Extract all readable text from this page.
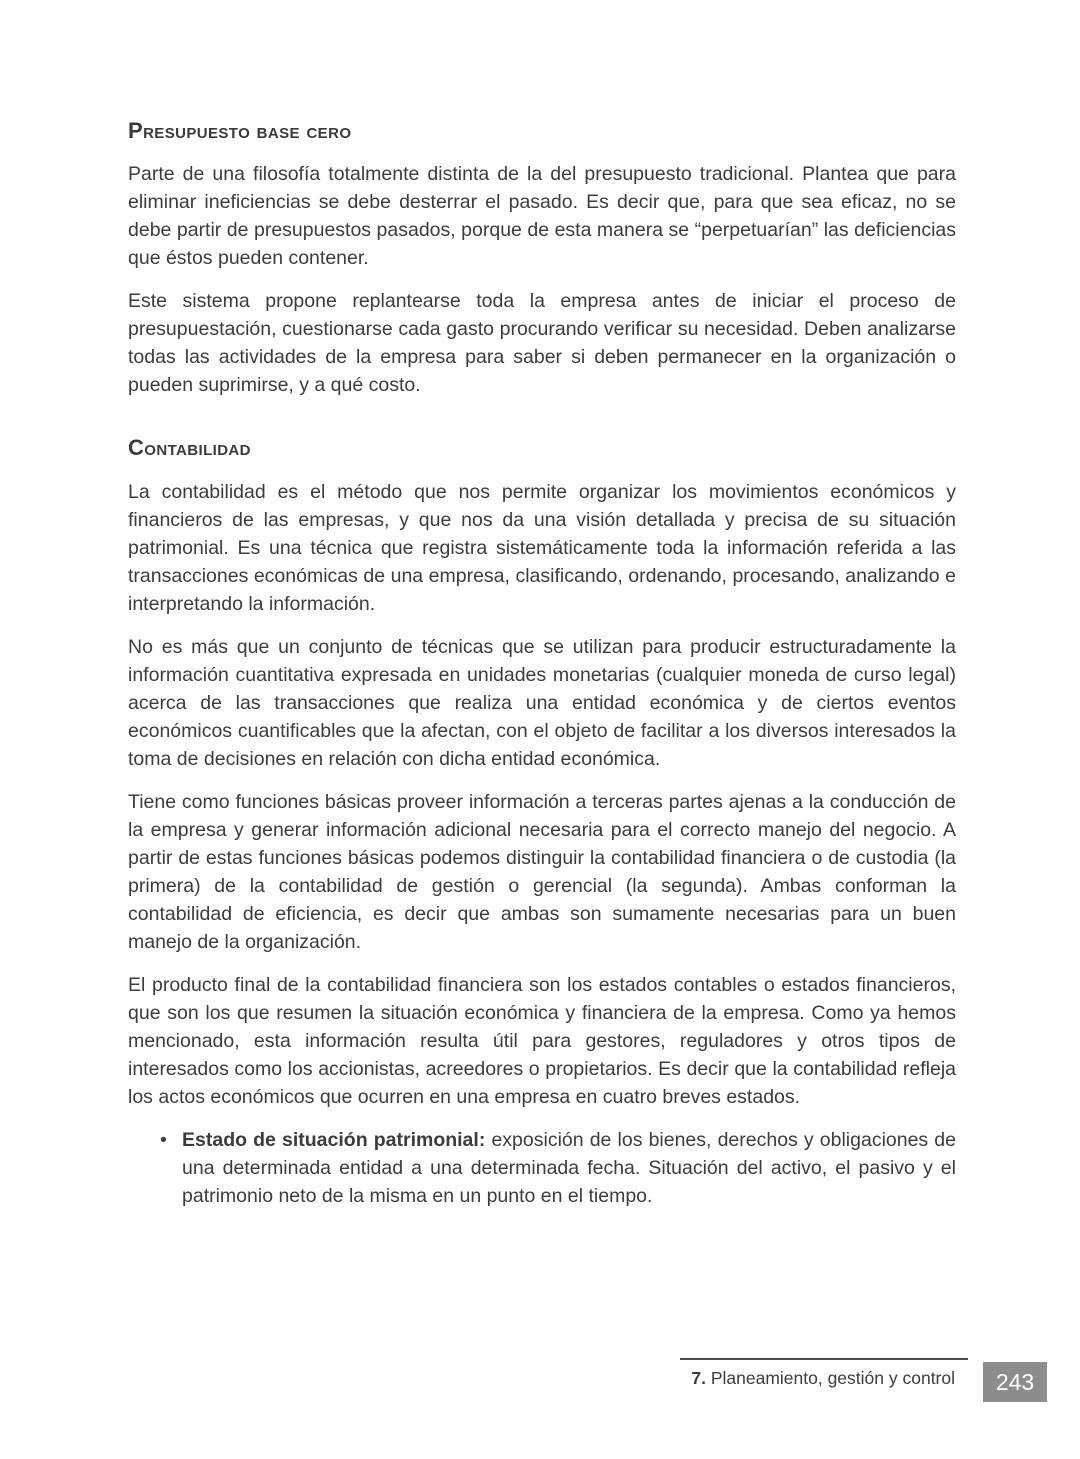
Presupuesto base cero

Parte de una filosofía totalmente distinta de la del presupuesto tradicional. Plantea que para eliminar ineficiencias se debe desterrar el pasado. Es decir que, para que sea eficaz, no se debe partir de presupuestos pasados, porque de esta manera se “perpetuarían” las deficiencias que éstos pueden contener.

Este sistema propone replantearse toda la empresa antes de iniciar el proceso de presupuestación, cuestionarse cada gasto procurando verificar su necesidad. Deben analizarse todas las actividades de la empresa para saber si deben permanecer en la organización o pueden suprimirse, y a qué costo.

Contabilidad

La contabilidad es el método que nos permite organizar los movimientos económicos y financieros de las empresas, y que nos da una visión detallada y precisa de su situación patrimonial. Es una técnica que registra sistemáticamente toda la información referida a las transacciones económicas de una empresa, clasificando, ordenando, procesando, analizando e interpretando la información.

No es más que un conjunto de técnicas que se utilizan para producir estructuradamente la información cuantitativa expresada en unidades monetarias (cualquier moneda de curso legal) acerca de las transacciones que realiza una entidad económica y de ciertos eventos económicos cuantificables que la afectan, con el objeto de facilitar a los diversos interesados la toma de decisiones en relación con dicha entidad económica.

Tiene como funciones básicas proveer información a terceras partes ajenas a la conducción de la empresa y generar información adicional necesaria para el correcto manejo del negocio. A partir de estas funciones básicas podemos distinguir la contabilidad financiera o de custodia (la primera) de la contabilidad de gestión o gerencial (la segunda). Ambas conforman la contabilidad de eficiencia, es decir que ambas son sumamente necesarias para un buen manejo de la organización.

El producto final de la contabilidad financiera son los estados contables o estados financieros, que son los que resumen la situación económica y financiera de la empresa. Como ya hemos mencionado, esta información resulta útil para gestores, reguladores y otros tipos de interesados como los accionistas, acreedores o propietarios. Es decir que la contabilidad refleja los actos económicos que ocurren en una empresa en cuatro breves estados.

• Estado de situación patrimonial: exposición de los bienes, derechos y obligaciones de una determinada entidad a una determinada fecha. Situación del activo, el pasivo y el patrimonio neto de la misma en un punto en el tiempo.

7. Planeamiento, gestión y control 243
